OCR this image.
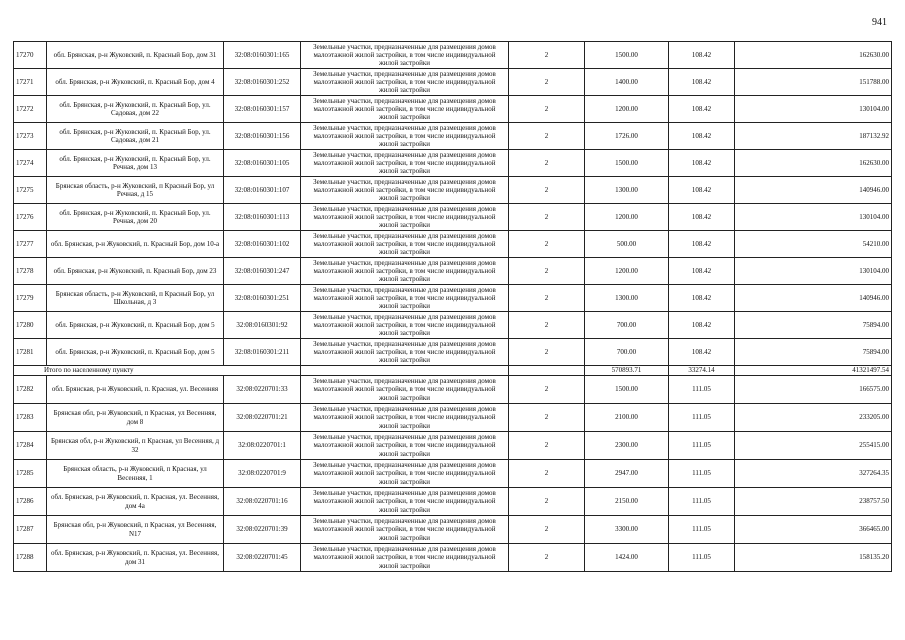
941
17270	обл. Брянская, р-н Жуковский, п. Красный Бор, дом 31	32:08:0160301:165	Земельные участки, предназначенные для размещения домов малоэтажной жилой застройки, в том числе индивидуальной жилой застройки	2	1500.00	108.42	162630.00
17271	обл. Брянская, р-н Жуковский, п. Красный Бор, дом 4	32:08:0160301:252	Земельные участки, предназначенные для размещения домов малоэтажной жилой застройки, в том числе индивидуальной жилой застройки	2	1400.00	108.42	151788.00
17272	обл. Брянская, р-н Жуковский, п. Красный Бор, ул. Садовая, дом 22	32:08:0160301:157	Земельные участки, предназначенные для размещения домов малоэтажной жилой застройки, в том числе индивидуальной жилой застройки	2	1200.00	108.42	130104.00
17273	обл. Брянская, р-н Жуковский, п. Красный Бор, ул. Садовая, дом 21	32:08:0160301:156	Земельные участки, предназначенные для размещения домов малоэтажной жилой застройки, в том числе индивидуальной жилой застройки	2	1726.00	108.42	187132.92
17274	обл. Брянская, р-н Жуковский, п. Красный Бор, ул. Речная, дом 13	32:08:0160301:105	Земельные участки, предназначенные для размещения домов малоэтажной жилой застройки, в том числе индивидуальной жилой застройки	2	1500.00	108.42	162630.00
17275	Брянская область, р-н Жуковский, п Красный Бор, ул Речная, д 15	32:08:0160301:107	Земельные участки, предназначенные для размещения домов малоэтажной жилой застройки, в том числе индивидуальной жилой застройки	2	1300.00	108.42	140946.00
17276	обл. Брянская, р-н Жуковский, п. Красный Бор, ул. Речная, дом 20	32:08:0160301:113	Земельные участки, предназначенные для размещения домов малоэтажной жилой застройки, в том числе индивидуальной жилой застройки	2	1200.00	108.42	130104.00
17277	обл. Брянская, р-н Жуковский, п. Красный Бор, дом 10-а	32:08:0160301:102	Земельные участки, предназначенные для размещения домов малоэтажной жилой застройки, в том числе индивидуальной жилой застройки	2	500.00	108.42	54210.00
17278	обл. Брянская, р-н Жуковский, п. Красный Бор, дом 23	32:08:0160301:247	Земельные участки, предназначенные для размещения домов малоэтажной жилой застройки, в том числе индивидуальной жилой застройки	2	1200.00	108.42	130104.00
17279	Брянская область, р-н Жуковский, п Красный Бор, ул Школьная, д 3	32:08:0160301:251	Земельные участки, предназначенные для размещения домов малоэтажной жилой застройки, в том числе индивидуальной жилой застройки	2	1300.00	108.42	140946.00
17280	обл. Брянская, р-н Жуковский, п. Красный Бор, дом 5	32:08:0160301:92	Земельные участки, предназначенные для размещения домов малоэтажной жилой застройки, в том числе индивидуальной жилой застройки	2	700.00	108.42	75894.00
17281	обл. Брянская, р-н Жуковский, п. Красный Бор, дом 5	32:08:0160301:211	Земельные участки, предназначенные для размещения домов малоэтажной жилой застройки, в том числе индивидуальной жилой застройки	2	700.00	108.42	75894.00
Итого по населенному пункту					570893.71	33274.14	41321497.54
17282	обл. Брянская, р-н Жуковский, п. Красная, ул. Весенняя	32:08:0220701:33	Земельные участки, предназначенные для размещения домов малоэтажной жилой застройки, в том числе индивидуальной жилой застройки	2	1500.00	111.05	166575.00
17283	Брянская обл, р-н Жуковский, п Красная, ул Весенняя, дом 8	32:08:0220701:21	Земельные участки, предназначенные для размещения домов малоэтажной жилой застройки, в том числе индивидуальной жилой застройки	2	2100.00	111.05	233205.00
17284	Брянская обл, р-н Жуковский, п Красная, ул Весенняя, д 32	32:08:0220701:1	Земельные участки, предназначенные для размещения домов малоэтажной жилой застройки, в том числе индивидуальной жилой застройки	2	2300.00	111.05	255415.00
17285	Брянская область, р-н Жуковский, п Красная, ул Весенняя, 1	32:08:0220701:9	Земельные участки, предназначенные для размещения домов малоэтажной жилой застройки, в том числе индивидуальной жилой застройки	2	2947.00	111.05	327264.35
17286	обл. Брянская, р-н Жуковский, п. Красная, ул. Весенняя, дом 4а	32:08:0220701:16	Земельные участки, предназначенные для размещения домов малоэтажной жилой застройки, в том числе индивидуальной жилой застройки	2	2150.00	111.05	238757.50
17287	Брянская обл, р-н Жуковский, п Красная, ул Весенняя, N17	32:08:0220701:39	Земельные участки, предназначенные для размещения домов малоэтажной жилой застройки, в том числе индивидуальной жилой застройки	2	3300.00	111.05	366465.00
17288	обл. Брянская, р-н Жуковский, п. Красная, ул. Весенняя, дом 31	32:08:0220701:45	Земельные участки, предназначенные для размещения домов малоэтажной жилой застройки, в том числе индивидуальной жилой застройки	2	1424.00	111.05	158135.20
